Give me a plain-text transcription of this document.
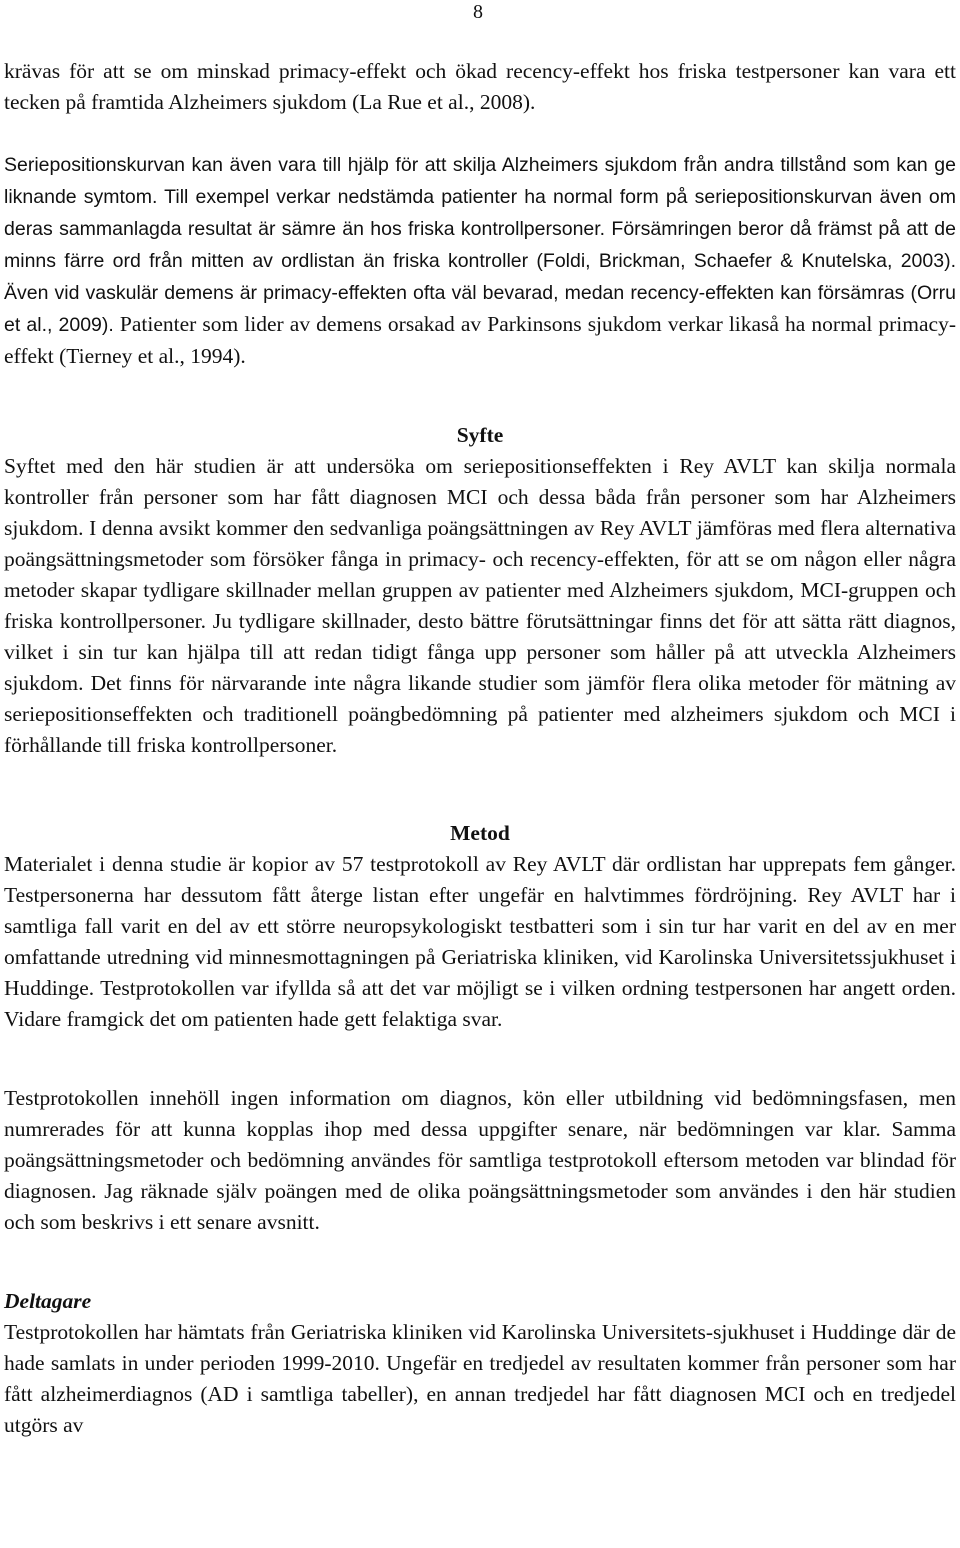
8

krävas för att se om minskad primacy-effekt och ökad recency-effekt hos friska testpersoner kan vara ett tecken på framtida Alzheimers sjukdom (La Rue et al., 2008).

Seriepositionskurvan kan även vara till hjälp för att skilja Alzheimers sjukdom från andra tillstånd som kan ge liknande symtom. Till exempel verkar nedstämda patienter ha normal form på seriepositionskurvan även om deras sammanlagda resultat är sämre än hos friska kontrollpersoner. Försämringen beror då främst på att de minns färre ord från mitten av ordlistan än friska kontroller (Foldi, Brickman, Schaefer & Knutelska, 2003). Även vid vaskulär demens är primacy-effekten ofta väl bevarad, medan recency-effekten kan försämras (Orru et al., 2009). Patienter som lider av demens orsakad av Parkinsons sjukdom verkar likaså ha normal primacy-effekt (Tierney et al., 1994).

Syfte

Syftet med den här studien är att undersöka om seriepositionseffekten i Rey AVLT kan skilja normala kontroller från personer som har fått diagnosen MCI och dessa båda från personer som har Alzheimers sjukdom. I denna avsikt kommer den sedvanliga poängsättningen av Rey AVLT jämföras med flera alternativa poängsättningsmetoder som försöker fånga in primacy- och recency-effekten, för att se om någon eller några metoder skapar tydligare skillnader mellan gruppen av patienter med Alzheimers sjukdom, MCI-gruppen och friska kontrollpersoner. Ju tydligare skillnader, desto bättre förutsättningar finns det för att sätta rätt diagnos, vilket i sin tur kan hjälpa till att redan tidigt fånga upp personer som håller på att utveckla Alzheimers sjukdom. Det finns för närvarande inte några likande studier som jämför flera olika metoder för mätning av seriepositionseffekten och traditionell poängbedömning på patienter med alzheimers sjukdom och MCI i förhållande till friska kontrollpersoner.

Metod

Materialet i denna studie är kopior av 57 testprotokoll av Rey AVLT där ordlistan har upprepats fem gånger. Testpersonerna har dessutom fått återge listan efter ungefär en halvtimmes fördröjning. Rey AVLT har i samtliga fall varit en del av ett större neuropsykologiskt testbatteri som i sin tur har varit en del av en mer omfattande utredning vid minnesmottagningen på Geriatriska kliniken, vid Karolinska Universitetssjukhuset i Huddinge. Testprotokollen var ifyllda så att det var möjligt se i vilken ordning testpersonen har angett orden. Vidare framgick det om patienten hade gett felaktiga svar.

Testprotokollen innehöll ingen information om diagnos, kön eller utbildning vid bedömningsfasen, men numrerades för att kunna kopplas ihop med dessa uppgifter senare, när bedömningen var klar. Samma poängsättningsmetoder och bedömning användes för samtliga testprotokoll eftersom metoden var blindad för diagnosen. Jag räknade själv poängen med de olika poängsättningsmetoder som användes i den här studien och som beskrivs i ett senare avsnitt.

Deltagare

Testprotokollen har hämtats från Geriatriska kliniken vid Karolinska Universitets-sjukhuset i Huddinge där de hade samlats in under perioden 1999-2010. Ungefär en tredjedel av resultaten kommer från personer som har fått alzheimerdiagnos (AD i samtliga tabeller), en annan tredjedel har fått diagnosen MCI och en tredjedel utgörs av
